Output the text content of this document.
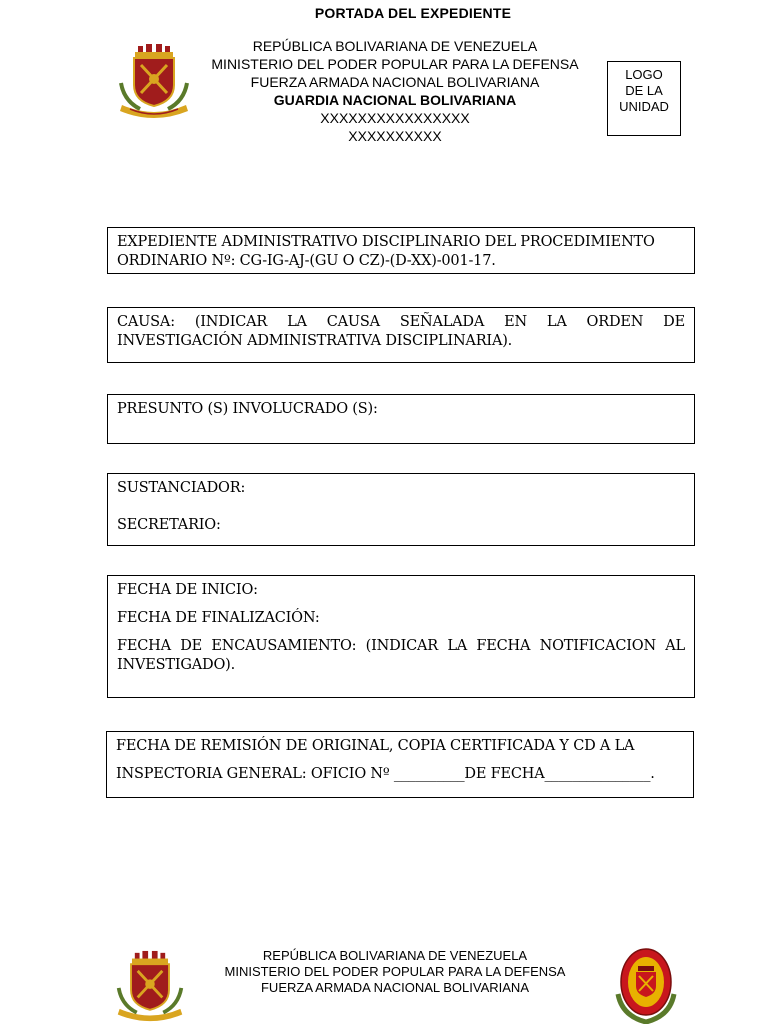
PORTADA DEL EXPEDIENTE
REPÚBLICA BOLIVARIANA DE VENEZUELA
MINISTERIO DEL PODER POPULAR PARA LA DEFENSA
FUERZA ARMADA NACIONAL BOLIVARIANA
GUARDIA NACIONAL BOLIVARIANA
XXXXXXXXXXXXXXXX
XXXXXXXXXX
LOGO
DE LA
UNIDAD

EXPEDIENTE ADMINISTRATIVO DISCIPLINARIO DEL PROCEDIMIENTO

ORDINARIO Nº: CG-IG-AJ-(GU O CZ)-(D-XX)-001-17.

CAUSA: (INDICAR LA CAUSA SEÑALADA EN LA ORDEN DE INVESTIGACIÓN ADMINISTRATIVA DISCIPLINARIA).

PRESUNTO (S) INVOLUCRADO (S):

SUSTANCIADOR:

SECRETARIO:

FECHA DE INICIO:

FECHA DE FINALIZACIÓN:

FECHA DE ENCAUSAMIENTO: (INDICAR LA FECHA NOTIFICACION AL INVESTIGADO).

FECHA DE REMISIÓN DE ORIGINAL, COPIA CERTIFICADA Y CD A LA

INSPECTORIA GENERAL: OFICIO Nº __________DE FECHA_______________.

REPÚBLICA BOLIVARIANA DE VENEZUELA
MINISTERIO DEL PODER POPULAR PARA LA DEFENSA
FUERZA ARMADA NACIONAL BOLIVARIANA
